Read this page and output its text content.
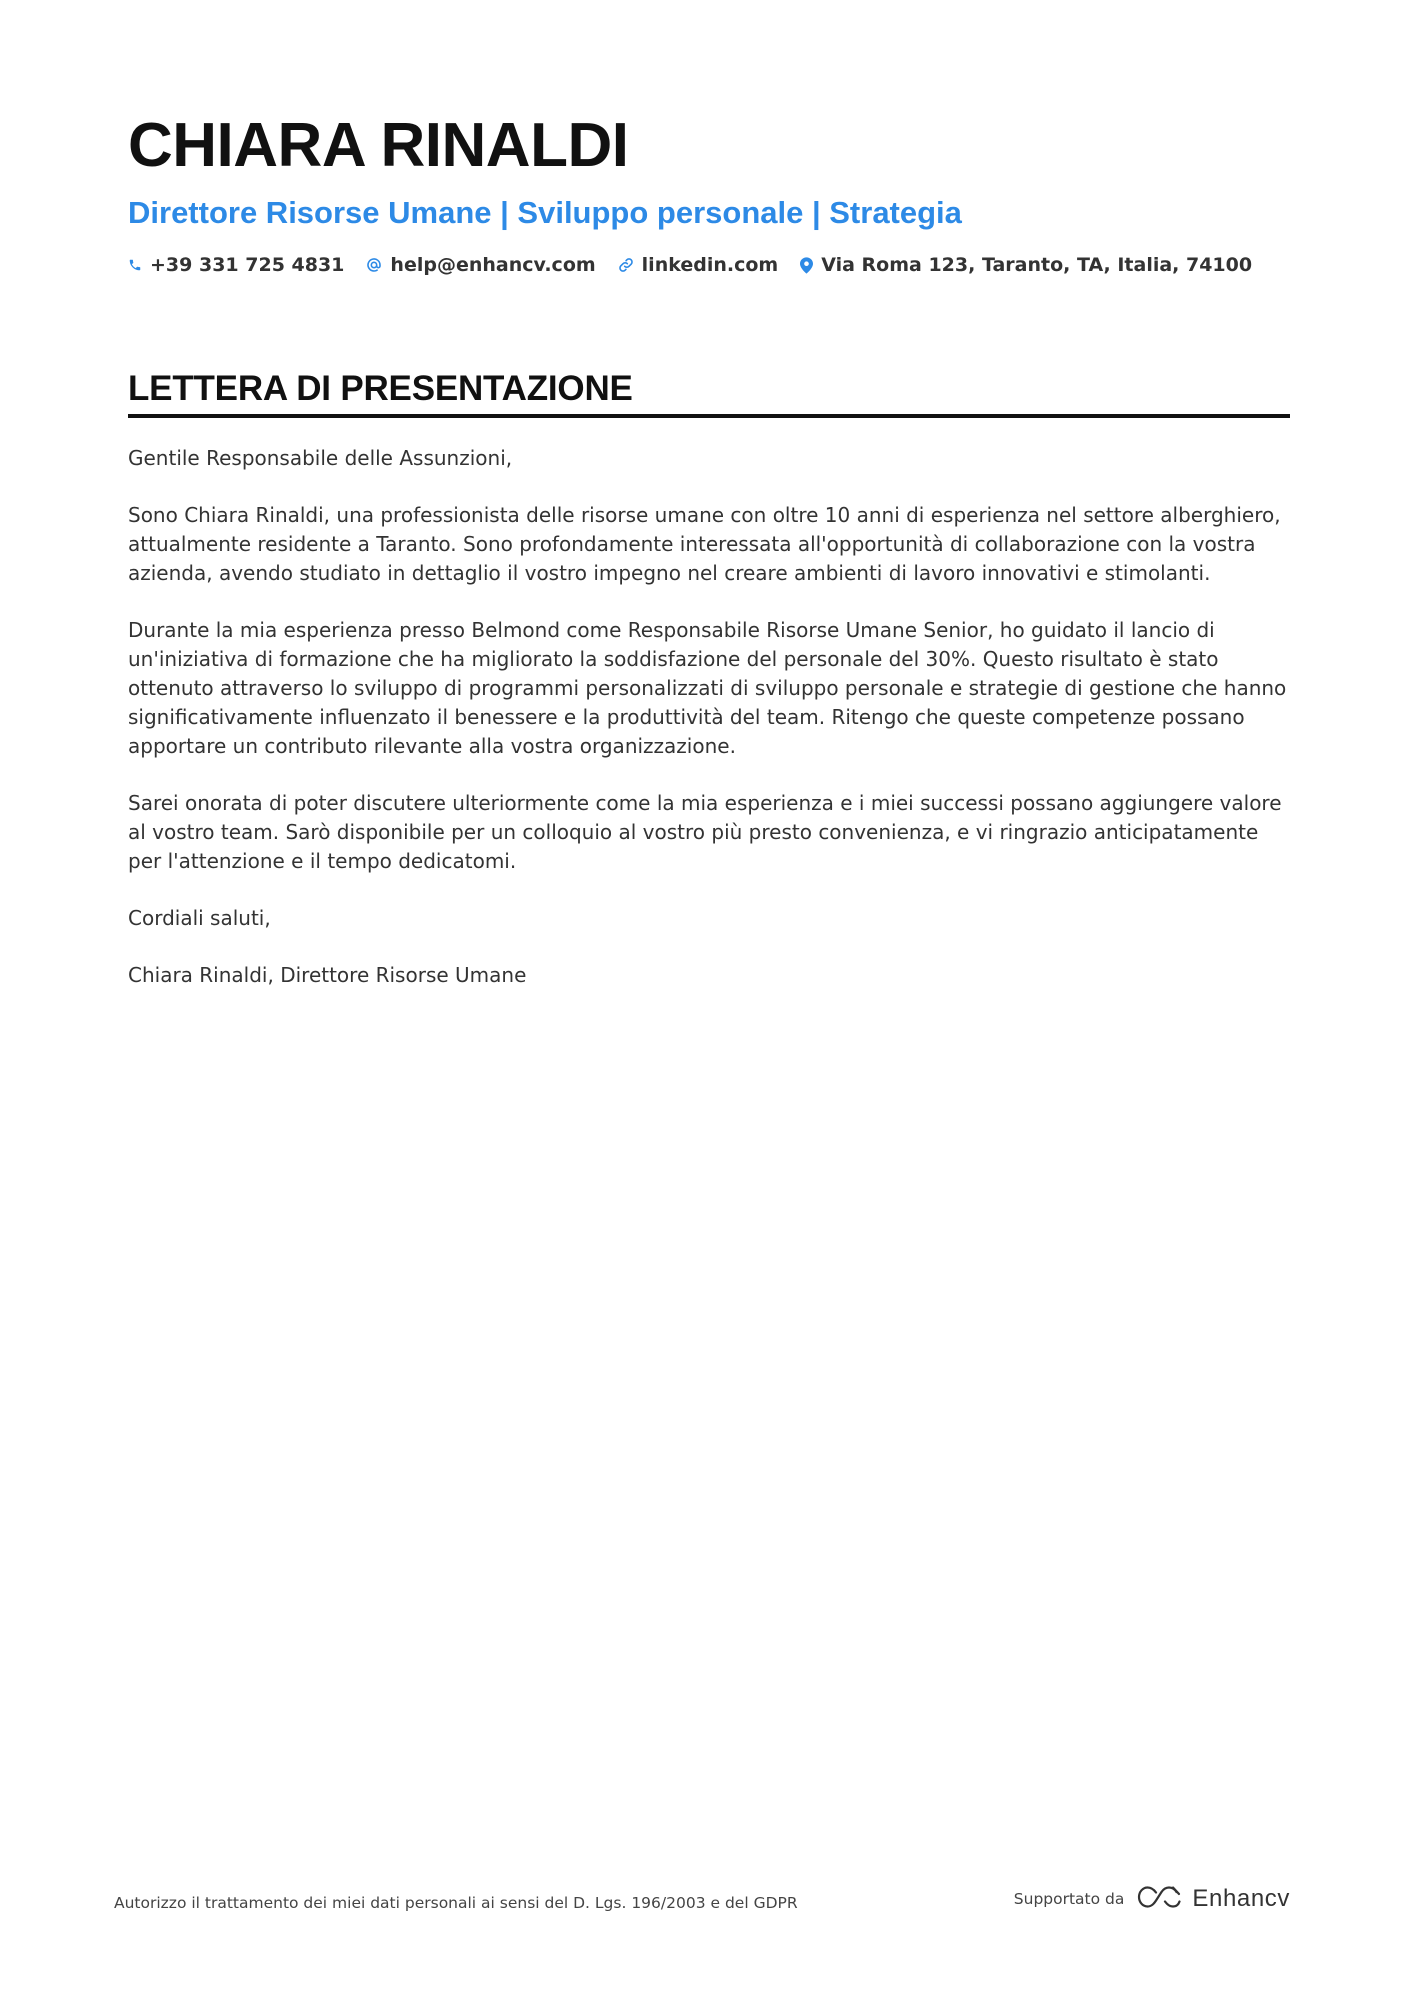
CHIARA RINALDI
Direttore Risorse Umane | Sviluppo personale | Strategia
+39 331 725 4831 help@enhancv.com linkedin.com Via Roma 123, Taranto, TA, Italia, 74100
LETTERA DI PRESENTAZIONE

Gentile Responsabile delle Assunzioni,

Sono Chiara Rinaldi, una professionista delle risorse umane con oltre 10 anni di esperienza nel settore alberghiero, attualmente residente a Taranto. Sono profondamente interessata all'opportunità di collaborazione con la vostra azienda, avendo studiato in dettaglio il vostro impegno nel creare ambienti di lavoro innovativi e stimolanti.

Durante la mia esperienza presso Belmond come Responsabile Risorse Umane Senior, ho guidato il lancio di un'iniziativa di formazione che ha migliorato la soddisfazione del personale del 30%. Questo risultato è stato ottenuto attraverso lo sviluppo di programmi personalizzati di sviluppo personale e strategie di gestione che hanno significativamente influenzato il benessere e la produttività del team. Ritengo che queste competenze possano apportare un contributo rilevante alla vostra organizzazione.

Sarei onorata di poter discutere ulteriormente come la mia esperienza e i miei successi possano aggiungere valore al vostro team. Sarò disponibile per un colloquio al vostro più presto convenienza, e vi ringrazio anticipatamente per l'attenzione e il tempo dedicatomi.

Cordiali saluti,

Chiara Rinaldi, Direttore Risorse Umane

Autorizzo il trattamento dei miei dati personali ai sensi del D. Lgs. 196/2003 e del GDPR	Supportato da	Enhancv
